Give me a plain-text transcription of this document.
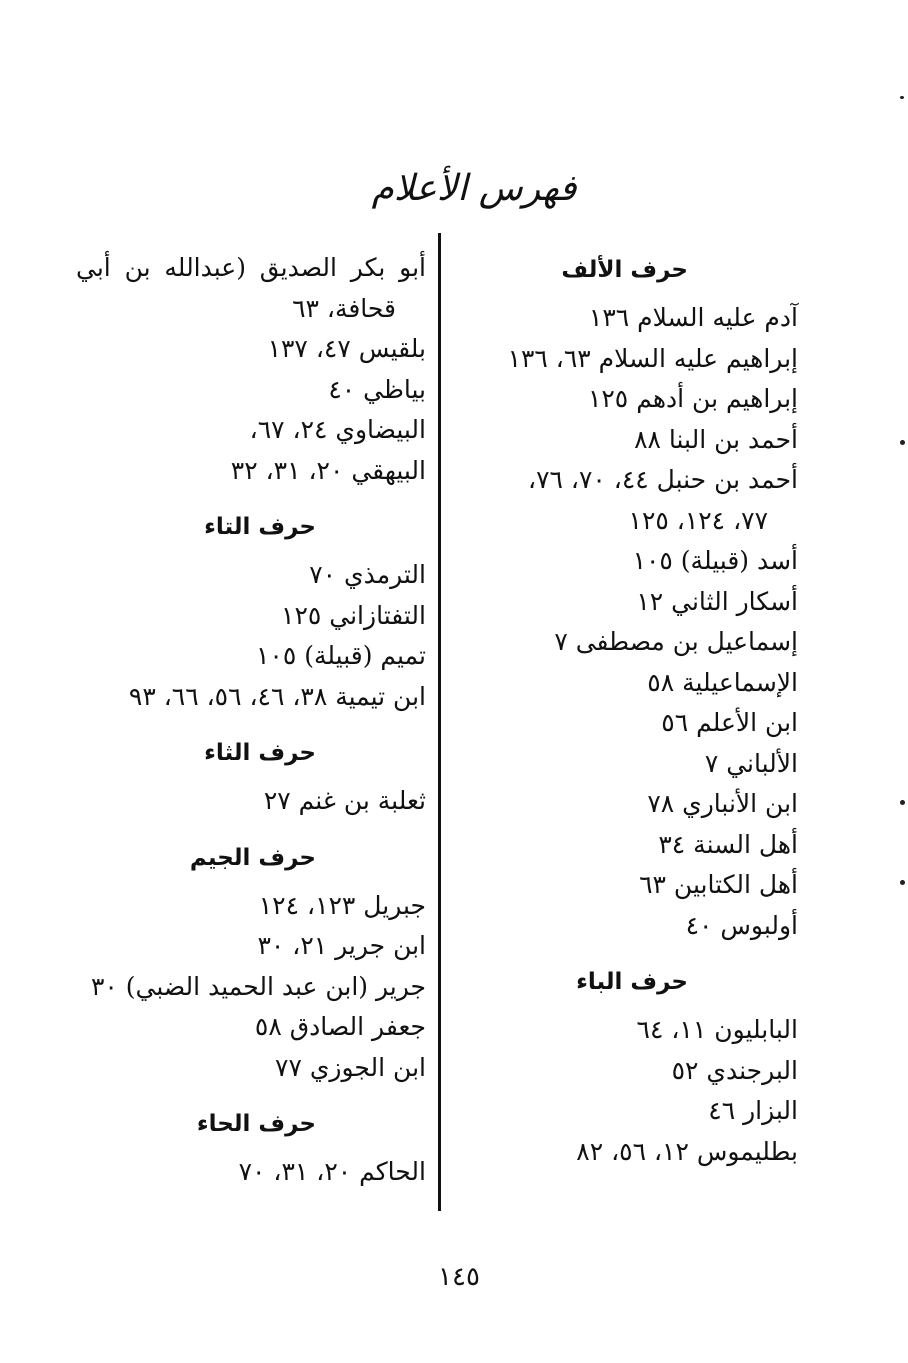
فهرس الأعلام
حرف الألف
آدم عليه السلام ١٣٦
إبراهيم عليه السلام ٦٣، ١٣٦
إبراهيم بن أدهم ١٢٥
أحمد بن البنا ٨٨
أحمد بن حنبل ٤٤، ٧٠، ٧٦،
٧٧، ١٢٤، ١٢٥
أسد (قبيلة) ١٠٥
أسكار الثاني ١٢
إسماعيل بن مصطفى ٧
الإسماعيلية ٥٨
ابن الأعلم ٥٦
الألباني ٧
ابن الأنباري ٧٨
أهل السنة ٣٤
أهل الكتابين ٦٣
أولبوس ٤٠
حرف الباء
البابليون ١١، ٦٤
البرجندي ٥٢
البزار ٤٦
بطليموس ١٢، ٥٦، ٨٢
أبو بكر الصديق (عبدالله بن أبي
قحافة، ٦٣
بلقيس ٤٧، ١٣٧
بياظي ٤٠
البيضاوي ٢٤، ٦٧،
البيهقي ٢٠، ٣١، ٣٢
حرف التاء
الترمذي ٧٠
التفتازاني ١٢٥
تميم (قبيلة) ١٠٥
ابن تيمية ٣٨، ٤٦، ٥٦، ٦٦، ٩٣
حرف الثاء
ثعلبة بن غنم ٢٧
حرف الجيم
جبريل ١٢٣، ١٢٤
ابن جرير ٢١، ٣٠
جرير (ابن عبد الحميد الضبي) ٣٠
جعفر الصادق ٥٨
ابن الجوزي ٧٧
حرف الحاء
الحاكم ٢٠، ٣١، ٧٠
١٤٥
